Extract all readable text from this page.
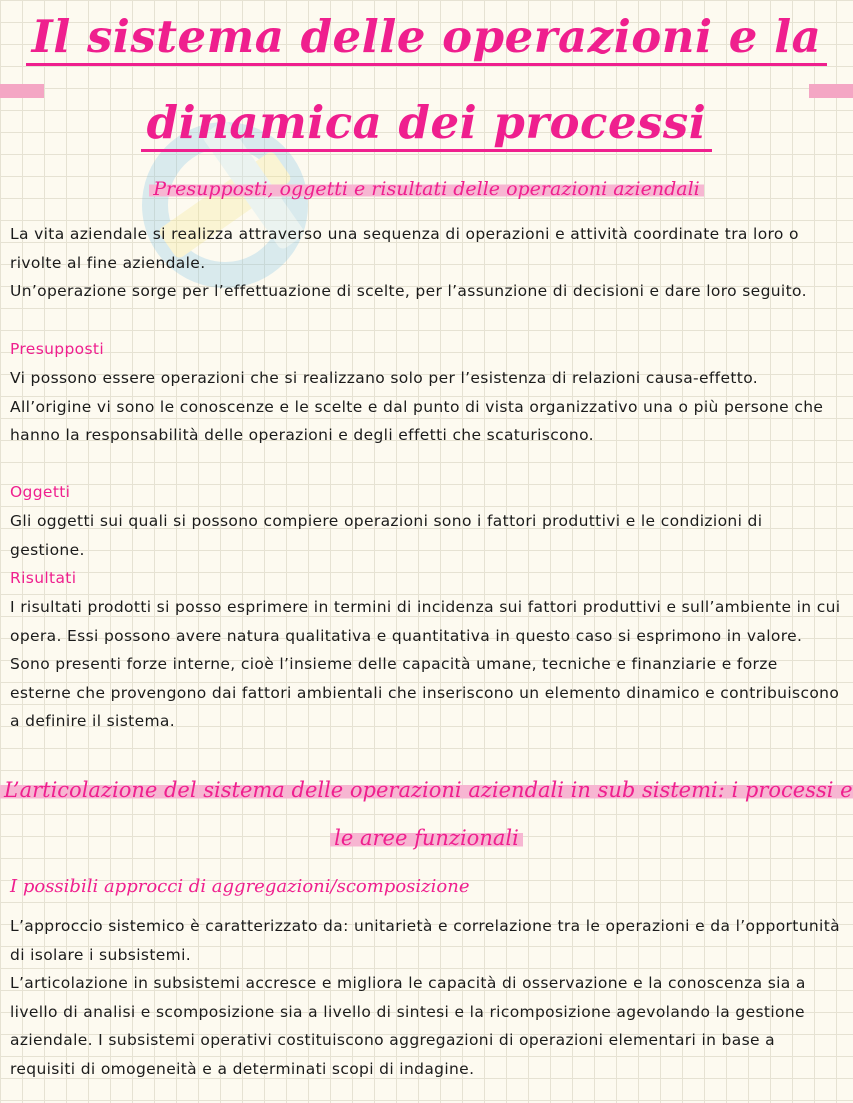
Il sistema delle operazioni e la
dinamica dei processi
Presupposti, oggetti e risultati delle operazioni aziendali

La vita aziendale si realizza attraverso una sequenza di operazioni e attività coordinate tra loro o rivolte al fine aziendale.
Un’operazione sorge per l’effettuazione di scelte, per l’assunzione di decisioni e dare loro seguito.

Presupposti

Vi possono essere operazioni che si realizzano solo per l’esistenza di relazioni causa-effetto. All’origine vi sono le conoscenze e le scelte e dal punto di vista organizzativo una o più persone che hanno la responsabilità delle operazioni e degli effetti che scaturiscono.

Oggetti

Gli oggetti sui quali si possono compiere operazioni sono i fattori produttivi e le condizioni di gestione.

Risultati

I risultati prodotti si posso esprimere in termini di incidenza sui fattori produttivi e sull’ambiente in cui opera. Essi possono avere natura qualitativa e quantitativa in questo caso si esprimono in valore.
Sono presenti forze interne, cioè l’insieme delle capacità umane, tecniche e finanziarie e forze esterne che provengono dai fattori ambientali che inseriscono un elemento dinamico e contribuiscono a definire il sistema.

L’articolazione del sistema delle operazioni aziendali in sub sistemi: i processi e
le aree funzionali
I possibili approcci di aggregazioni/scomposizione

L’approccio sistemico è caratterizzato da: unitarietà e correlazione tra le operazioni e da l’opportunità di isolare i subsistemi.
L’articolazione in subsistemi accresce e migliora le capacità di osservazione e la conoscenza sia a livello di analisi e scomposizione sia a livello di sintesi e la ricomposizione agevolando la gestione aziendale. I subsistemi operativi costituiscono aggregazioni di operazioni elementari in base a requisiti di omogeneità e a determinati scopi di indagine.
